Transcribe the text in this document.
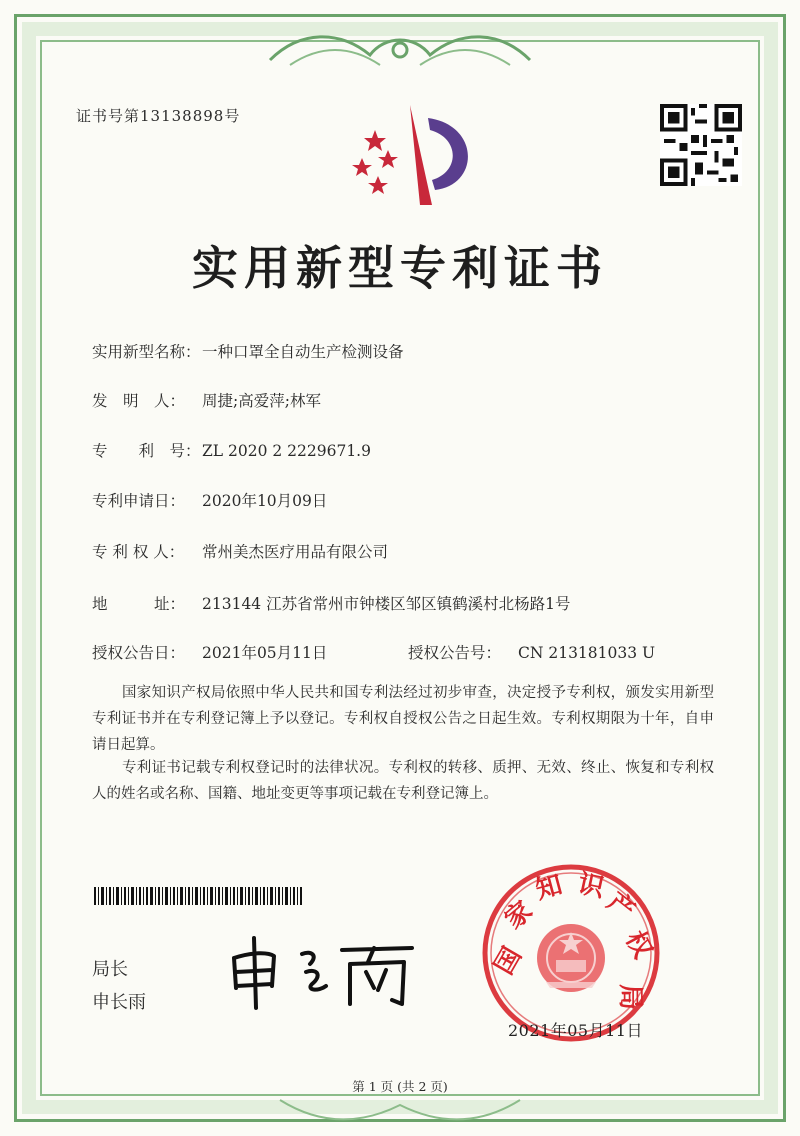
证书号第13138898号
实用新型专利证书
实用新型名称：一种口罩全自动生产检测设备
发　明　人： 周捷;高爱萍;林军
专　　利　号：ZL 2020 2 2229671.9
专利申请日： 2020年10月09日
专 利 权 人： 常州美杰医疗用品有限公司
地　　　址： 213144 江苏省常州市钟楼区邹区镇鹤溪村北杨路1号
授权公告日： 2021年05月11日	授权公告号： CN 213181033 U
国家知识产权局依照中华人民共和国专利法经过初步审查，决定授予专利权，颁发实用新型专利证书并在专利登记簿上予以登记。专利权自授权公告之日起生效。专利权期限为十年，自申请日起算。
专利证书记载专利权登记时的法律状况。专利权的转移、质押、无效、终止、恢复和专利权人的姓名或名称、国籍、地址变更等事项记载在专利登记簿上。
局长
申长雨
国
家
知 识
产
权
局
2021年05月11日
第 1 页 (共 2 页)
